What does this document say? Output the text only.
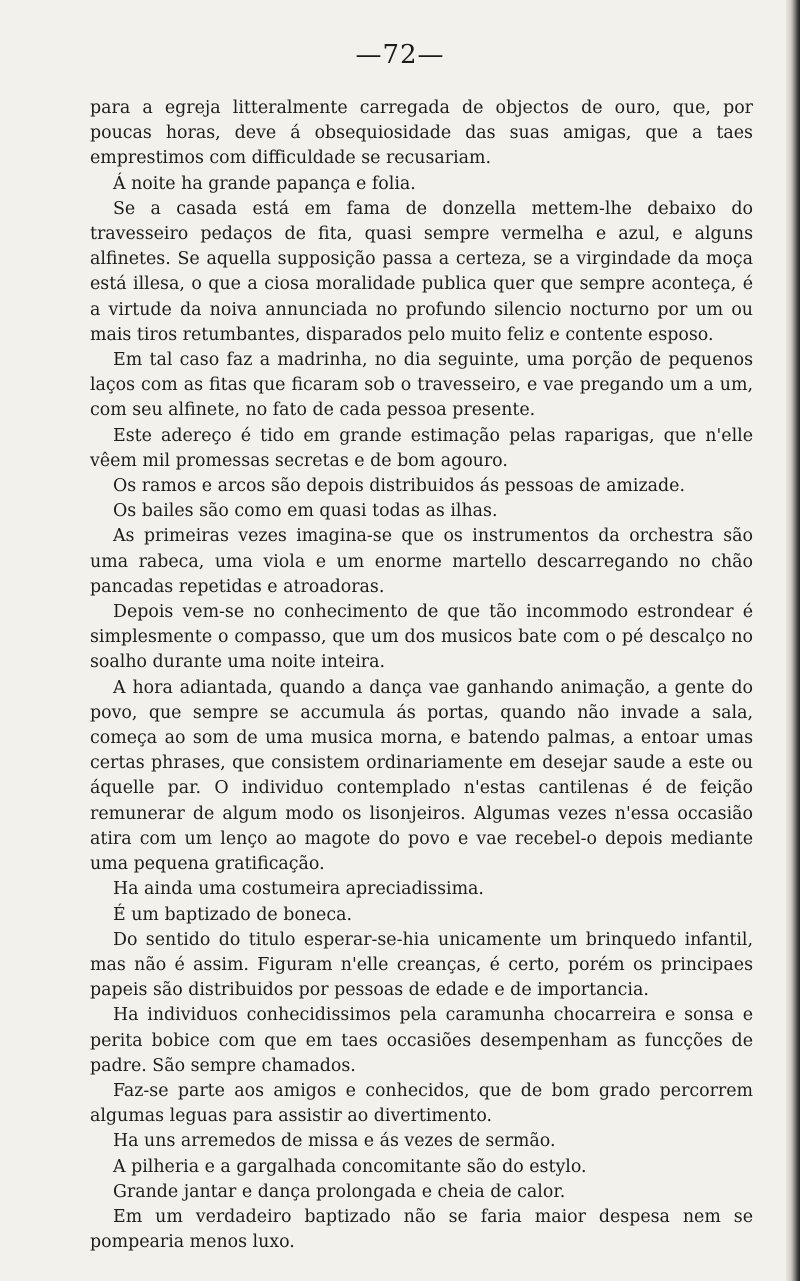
—72—

para a egreja litteralmente carregada de objectos de ouro, que, por poucas horas, deve á obsequiosidade das suas amigas, que a taes emprestimos com difficuldade se recusariam.

Á noite ha grande papança e folia.

Se a casada está em fama de donzella mettem-lhe debaixo do travesseiro pedaços de fita, quasi sempre vermelha e azul, e alguns alfinetes. Se aquella supposição passa a certeza, se a virgindade da moça está illesa, o que a ciosa moralidade publica quer que sempre aconteça, é a virtude da noiva annunciada no profundo silencio nocturno por um ou mais tiros retumbantes, disparados pelo muito feliz e contente esposo.

Em tal caso faz a madrinha, no dia seguinte, uma porção de pequenos laços com as fitas que ficaram sob o travesseiro, e vae pregando um a um, com seu alfinete, no fato de cada pessoa presente.

Este adereço é tido em grande estimação pelas raparigas, que n'elle vêem mil promessas secretas e de bom agouro.

Os ramos e arcos são depois distribuidos ás pessoas de amizade.

Os bailes são como em quasi todas as ilhas.

As primeiras vezes imagina-se que os instrumentos da orchestra são uma rabeca, uma viola e um enorme martello descarregando no chão pancadas repetidas e atroadoras.

Depois vem-se no conhecimento de que tão incommodo estrondear é simplesmente o compasso, que um dos musicos bate com o pé descalço no soalho durante uma noite inteira.

A hora adiantada, quando a dança vae ganhando animação, a gente do povo, que sempre se accumula ás portas, quando não invade a sala, começa ao som de uma musica morna, e batendo palmas, a entoar umas certas phrases, que consistem ordinariamente em desejar saude a este ou áquelle par. O individuo contemplado n'estas cantilenas é de feição remunerar de algum modo os lisonjeiros. Algumas vezes n'essa occasião atira com um lenço ao magote do povo e vae recebel-o depois mediante uma pequena gratificação.

Ha ainda uma costumeira apreciadissima.

É um baptizado de boneca.

Do sentido do titulo esperar-se-hia unicamente um brinquedo infantil, mas não é assim. Figuram n'elle creanças, é certo, porém os principaes papeis são distribuidos por pessoas de edade e de importancia.

Ha individuos conhecidissimos pela caramunha chocarreira e sonsa e perita bobice com que em taes occasiões desempenham as funcções de padre. São sempre chamados.

Faz-se parte aos amigos e conhecidos, que de bom grado percorrem algumas leguas para assistir ao divertimento.

Ha uns arremedos de missa e ás vezes de sermão.

A pilheria e a gargalhada concomitante são do estylo.

Grande jantar e dança prolongada e cheia de calor.

Em um verdadeiro baptizado não se faria maior despesa nem se pompearia menos luxo.
